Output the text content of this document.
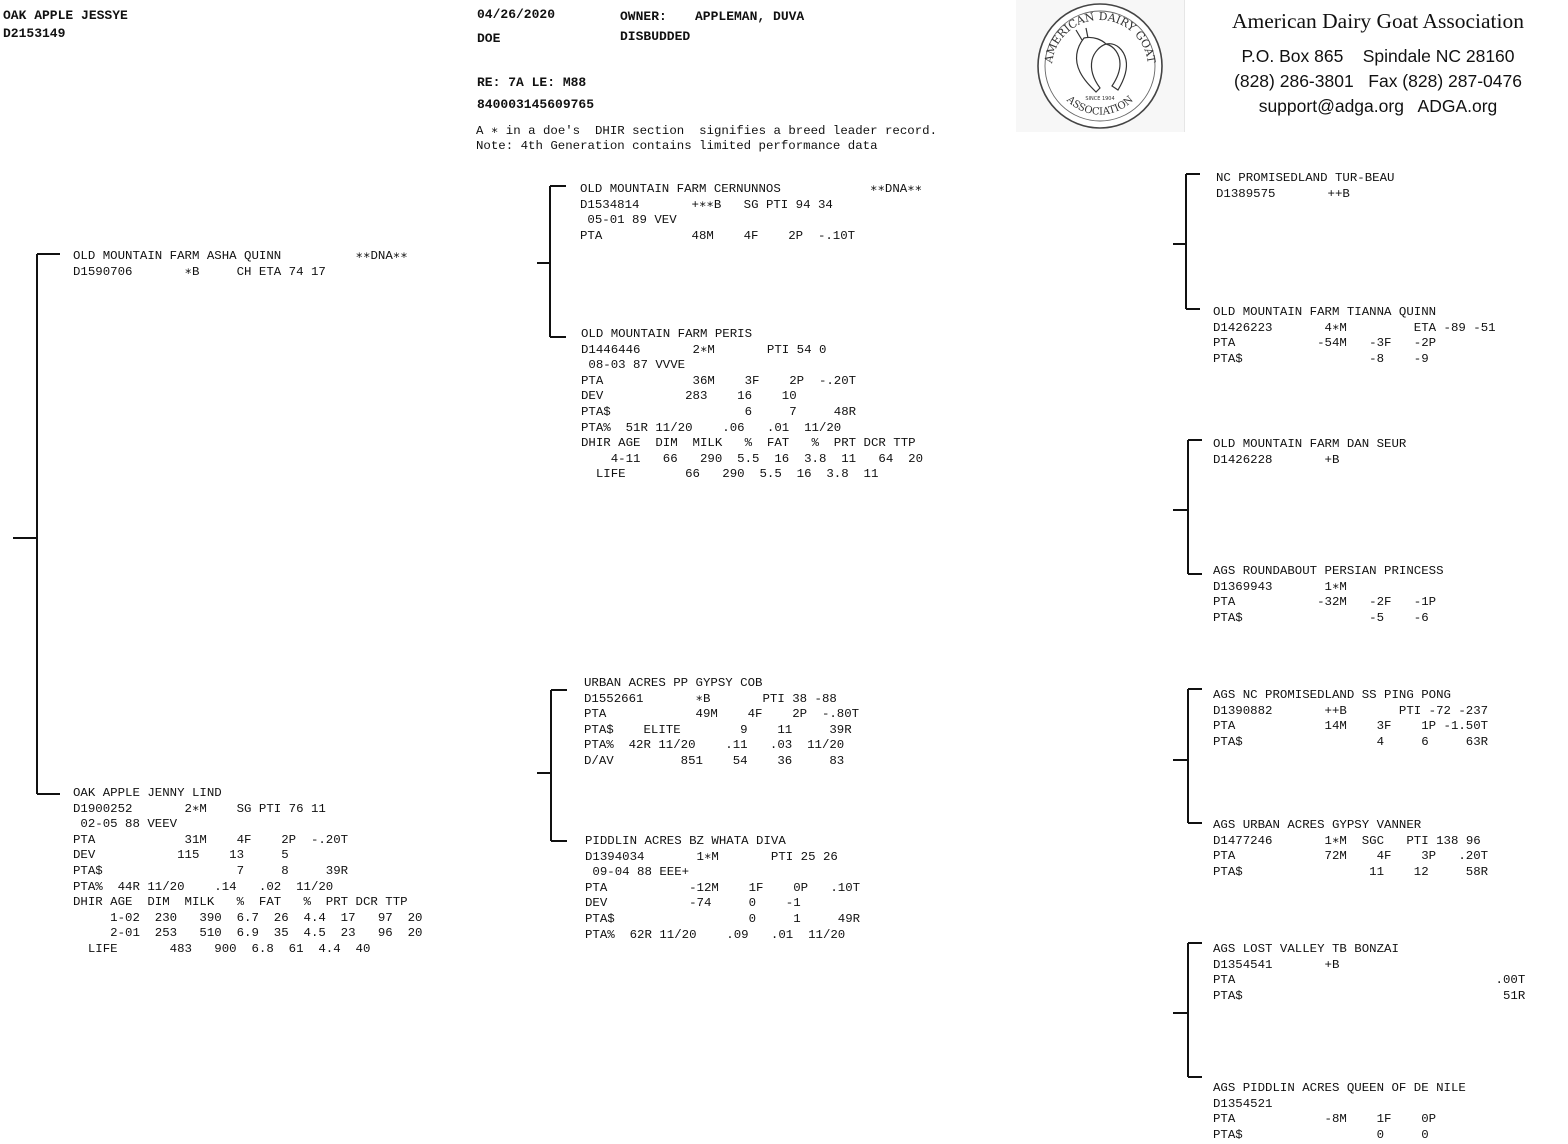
OAK APPLE JESSYE
D2153149
04/26/2020
DOE
OWNER: APPLEMAN, DUVA
DISBUDDED
RE: 7A LE: M88
840003145609765
A ∗ in a doe's  DHIR section  signifies a breed leader record.
Note: 4th Generation contains limited performance data
AMERICAN DAIRY GOAT
ASSOCIATION
SINCE 1904
American Dairy Goat Association
P.O. Box 865    Spindale NC 28160
(828) 286-3801   Fax (828) 287-0476
support@adga.org   ADGA.org
OLD MOUNTAIN FARM ASHA QUINN          ∗∗DNA∗∗
D1590706       ∗B     CH ETA 74 17
OAK APPLE JENNY LIND
D1900252       2∗M    SG PTI 76 11
02-05 88 VEEV
PTA            31M    4F    2P  -.20T
DEV           115    13     5
PTA$                  7     8     39R
PTA%  44R 11/20    .14   .02  11/20
DHIR AGE  DIM  MILK   %  FAT   %  PRT DCR TTP
1-02  230   390  6.7  26  4.4  17   97  20
2-01  253   510  6.9  35  4.5  23   96  20
LIFE       483   900  6.8  61  4.4  40
OLD MOUNTAIN FARM CERNUNNOS            ∗∗DNA∗∗
D1534814       +∗∗B   SG PTI 94 34
05-01 89 VEV
PTA            48M    4F    2P  -.10T
OLD MOUNTAIN FARM PERIS
D1446446       2∗M       PTI 54 0
08-03 87 VVVE
PTA            36M    3F    2P  -.20T
DEV           283    16    10
PTA$                  6     7     48R
PTA%  51R 11/20    .06   .01  11/20
DHIR AGE  DIM  MILK   %  FAT   %  PRT DCR TTP
4-11   66   290  5.5  16  3.8  11   64  20
LIFE        66   290  5.5  16  3.8  11
URBAN ACRES PP GYPSY COB
D1552661       ∗B       PTI 38 -88
PTA            49M    4F    2P  -.80T
PTA$    ELITE        9    11     39R
PTA%  42R 11/20    .11   .03  11/20
D/AV         851    54    36     83
PIDDLIN ACRES BZ WHATA DIVA
D1394034       1∗M       PTI 25 26
09-04 88 EEE+
PTA           -12M    1F    0P   .10T
DEV           -74     0    -1
PTA$                  0     1     49R
PTA%  62R 11/20    .09   .01  11/20
NC PROMISEDLAND TUR-BEAU
D1389575       ++B
OLD MOUNTAIN FARM TIANNA QUINN
D1426223       4∗M         ETA -89 -51
PTA           -54M   -3F   -2P
PTA$                 -8    -9
OLD MOUNTAIN FARM DAN SEUR
D1426228       +B
AGS ROUNDABOUT PERSIAN PRINCESS
D1369943       1∗M
PTA           -32M   -2F   -1P
PTA$                 -5    -6
AGS NC PROMISEDLAND SS PING PONG
D1390882       ++B       PTI -72 -237
PTA            14M    3F    1P -1.50T
PTA$                  4     6     63R
AGS URBAN ACRES GYPSY VANNER
D1477246       1∗M  SGC   PTI 138 96
PTA            72M    4F    3P   .20T
PTA$                 11    12     58R
AGS LOST VALLEY TB BONZAI
D1354541       +B
PTA                                   .00T
PTA$                                   51R
AGS PIDDLIN ACRES QUEEN OF DE NILE
D1354521
PTA            -8M    1F    0P
PTA$                  0     0
